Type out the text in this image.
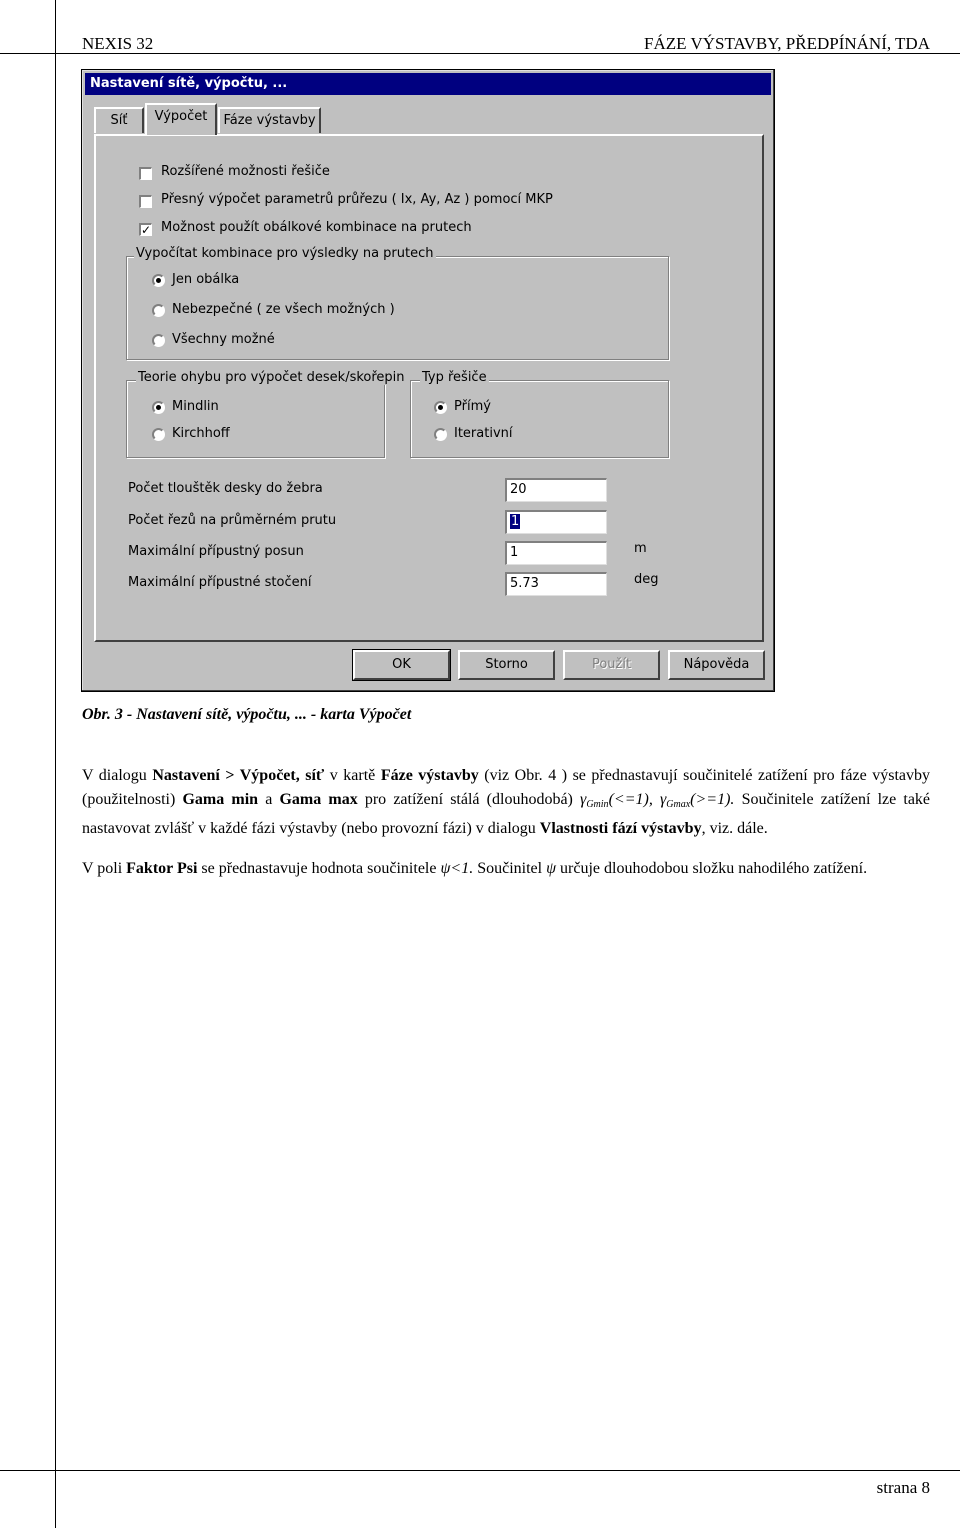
NEXIS 32	FÁZE VÝSTAVBY, PŘEDPÍNÁNÍ, TDA
Nastavení sítě, výpočtu, ...
Síť	Výpočet	Fáze výstavby
Rozšířené možnosti řešiče
Přesný výpočet parametrů průřezu ( Ix, Ay, Az ) pomocí MKP
✓ Možnost použít obálkové kombinace na prutech
Vypočítat kombinace pro výsledky na prutech
Jen obálka
Nebezpečné ( ze všech možných )
Všechny možné
Teorie ohybu pro výpočet desek/skořepin
Mindlin
Kirchhoff
Typ řešiče
Přímý
Iterativní
Počet tlouštěk desky do žebra	20
Počet řezů na průměrném prutu	1
Maximální přípustný posun	1	m
Maximální přípustné stočení	5.73	deg
OK	Storno	Použít	Nápověda
Obr. 3 - Nastavení sítě, výpočtu, ... - karta Výpočet
V dialogu Nastavení > Výpočet, síť v kartě Fáze výstavby (viz Obr. 4 ) se přednastavují součinitelé zatížení pro fáze výstavby (použitelnosti) Gama min a Gama max pro zatížení stálá (dlouhodobá) $\gamma_{Gmin}(<=1)$, $\gamma_{Gmax}(>=1)$. Součinitele zatížení lze také nastavovat zvlášť v každé fázi výstavby (nebo provozní fázi) v dialogu Vlastnosti fází výstavby, viz. dále.
V poli Faktor Psi se přednastavuje hodnota součinitele ψ<1. Součinitel ψ určuje dlouhodobou složku nahodilého zatížení.
strana 8
